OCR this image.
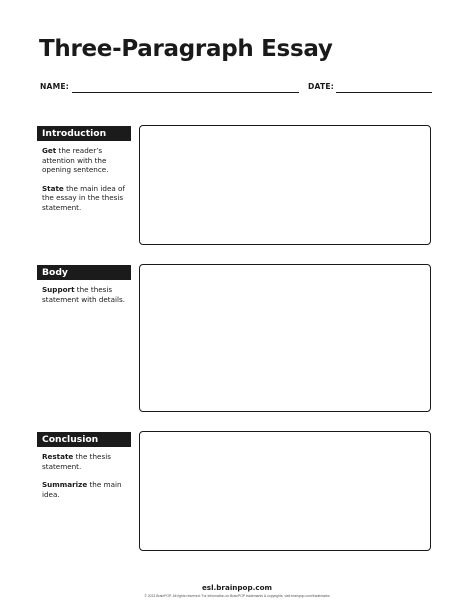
Three-Paragraph Essay
NAME:	DATE:
Introduction

Get the reader’s attention with the opening sentence.

State the main idea of the essay in the thesis statement.

Body

Support the thesis statement with details.

Conclusion

Restate the thesis statement.

Summarize the main idea.

esl.brainpop.com
© 2013 BrainPOP. All rights reserved. For information on BrainPOP trademarks & copyrights, visit brainpop.com/trademarks
